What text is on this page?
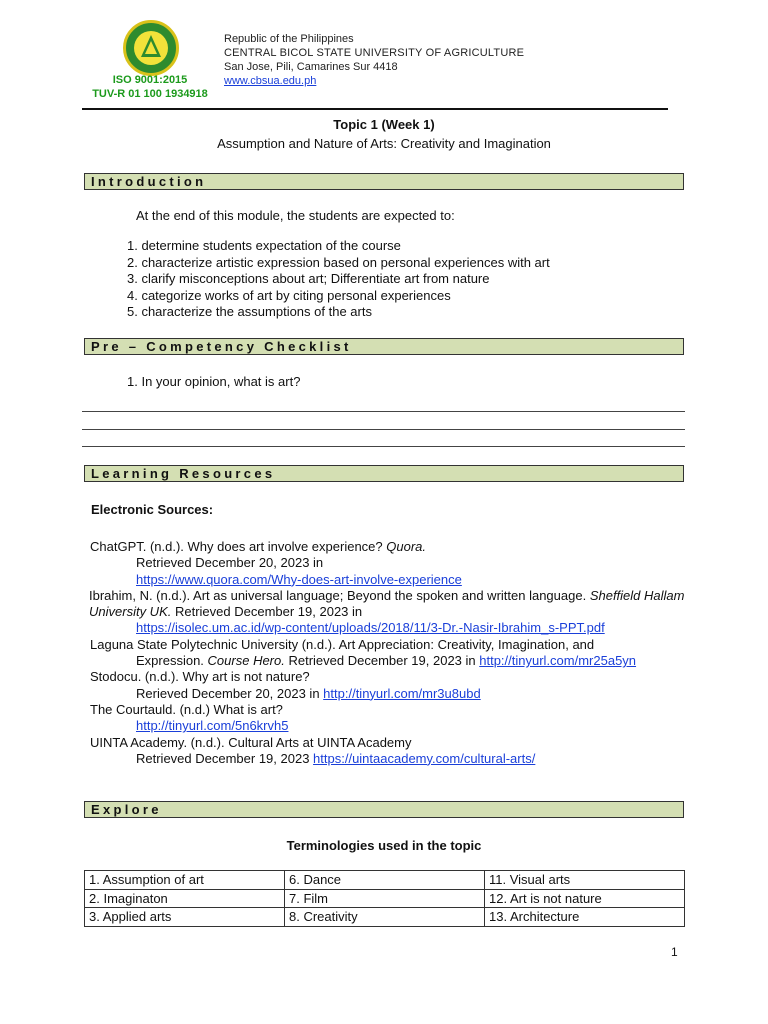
ISO 9001:2015
TUV-R 01 100 1934918
Republic of the Philippines
CENTRAL BICOL STATE UNIVERSITY OF AGRICULTURE
San Jose, Pili, Camarines Sur 4418
www.cbsua.edu.ph
Topic 1 (Week 1)
Assumption and Nature of Arts: Creativity and Imagination
Introduction
At the end of this module, the students are expected to:
1. determine students expectation of the course
2. characterize artistic expression based on personal experiences with art
3. clarify misconceptions about art; Differentiate art from nature
4. categorize works of art by citing personal experiences
5. characterize the assumptions of the arts
Pre – Competency Checklist
1. In your opinion, what is art?
Learning Resources
Electronic Sources:
ChatGPT. (n.d.). Why does art involve experience? Quora.
Retrieved December 20, 2023 in
https://www.quora.com/Why-does-art-involve-experience
Ibrahim, N. (n.d.). Art as universal language; Beyond the spoken and written language. Sheffield Hallam University UK. Retrieved December 19, 2023 in
https://isolec.um.ac.id/wp-content/uploads/2018/11/3-Dr.-Nasir-Ibrahim_s-PPT.pdf
Laguna State Polytechnic University (n.d.). Art Appreciation: Creativity, Imagination, and
Expression. Course Hero. Retrieved December 19, 2023 in http://tinyurl.com/mr25a5yn
Stodocu. (n.d.). Why art is not nature?
Rerieved December 20, 2023 in http://tinyurl.com/mr3u8ubd
The Courtauld. (n.d.) What is art?
http://tinyurl.com/5n6krvh5
UINTA Academy. (n.d.). Cultural Arts at UINTA Academy
Retrieved December 19, 2023 https://uintaacademy.com/cultural-arts/
Explore
Terminologies used in the topic
1. Assumption of art	6. Dance	11. Visual arts
2. Imaginaton	7. Film	12. Art is not nature
3. Applied arts	8. Creativity	13. Architecture
1
